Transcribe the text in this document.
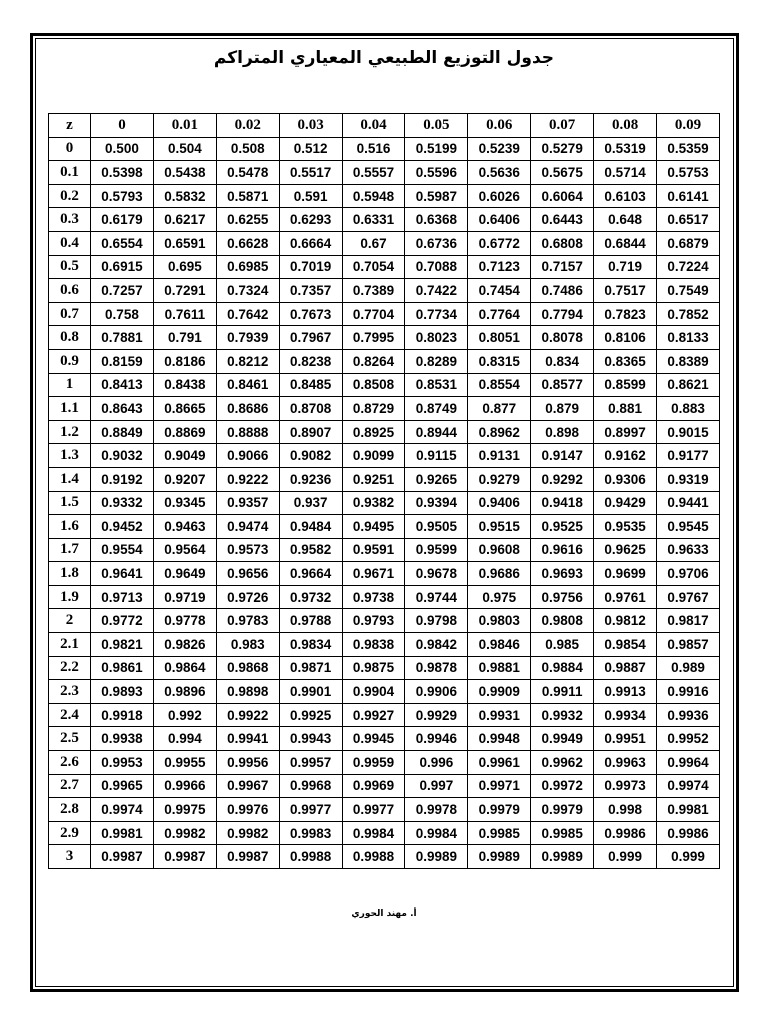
جدول التوزيع الطبيعي المعياري المتراكم
z	0	0.01	0.02	0.03	0.04	0.05	0.06	0.07	0.08	0.09
0	0.500	0.504	0.508	0.512	0.516	0.5199	0.5239	0.5279	0.5319	0.5359
0.1	0.5398	0.5438	0.5478	0.5517	0.5557	0.5596	0.5636	0.5675	0.5714	0.5753
0.2	0.5793	0.5832	0.5871	0.591	0.5948	0.5987	0.6026	0.6064	0.6103	0.6141
0.3	0.6179	0.6217	0.6255	0.6293	0.6331	0.6368	0.6406	0.6443	0.648	0.6517
0.4	0.6554	0.6591	0.6628	0.6664	0.67	0.6736	0.6772	0.6808	0.6844	0.6879
0.5	0.6915	0.695	0.6985	0.7019	0.7054	0.7088	0.7123	0.7157	0.719	0.7224
0.6	0.7257	0.7291	0.7324	0.7357	0.7389	0.7422	0.7454	0.7486	0.7517	0.7549
0.7	0.758	0.7611	0.7642	0.7673	0.7704	0.7734	0.7764	0.7794	0.7823	0.7852
0.8	0.7881	0.791	0.7939	0.7967	0.7995	0.8023	0.8051	0.8078	0.8106	0.8133
0.9	0.8159	0.8186	0.8212	0.8238	0.8264	0.8289	0.8315	0.834	0.8365	0.8389
1	0.8413	0.8438	0.8461	0.8485	0.8508	0.8531	0.8554	0.8577	0.8599	0.8621
1.1	0.8643	0.8665	0.8686	0.8708	0.8729	0.8749	0.877	0.879	0.881	0.883
1.2	0.8849	0.8869	0.8888	0.8907	0.8925	0.8944	0.8962	0.898	0.8997	0.9015
1.3	0.9032	0.9049	0.9066	0.9082	0.9099	0.9115	0.9131	0.9147	0.9162	0.9177
1.4	0.9192	0.9207	0.9222	0.9236	0.9251	0.9265	0.9279	0.9292	0.9306	0.9319
1.5	0.9332	0.9345	0.9357	0.937	0.9382	0.9394	0.9406	0.9418	0.9429	0.9441
1.6	0.9452	0.9463	0.9474	0.9484	0.9495	0.9505	0.9515	0.9525	0.9535	0.9545
1.7	0.9554	0.9564	0.9573	0.9582	0.9591	0.9599	0.9608	0.9616	0.9625	0.9633
1.8	0.9641	0.9649	0.9656	0.9664	0.9671	0.9678	0.9686	0.9693	0.9699	0.9706
1.9	0.9713	0.9719	0.9726	0.9732	0.9738	0.9744	0.975	0.9756	0.9761	0.9767
2	0.9772	0.9778	0.9783	0.9788	0.9793	0.9798	0.9803	0.9808	0.9812	0.9817
2.1	0.9821	0.9826	0.983	0.9834	0.9838	0.9842	0.9846	0.985	0.9854	0.9857
2.2	0.9861	0.9864	0.9868	0.9871	0.9875	0.9878	0.9881	0.9884	0.9887	0.989
2.3	0.9893	0.9896	0.9898	0.9901	0.9904	0.9906	0.9909	0.9911	0.9913	0.9916
2.4	0.9918	0.992	0.9922	0.9925	0.9927	0.9929	0.9931	0.9932	0.9934	0.9936
2.5	0.9938	0.994	0.9941	0.9943	0.9945	0.9946	0.9948	0.9949	0.9951	0.9952
2.6	0.9953	0.9955	0.9956	0.9957	0.9959	0.996	0.9961	0.9962	0.9963	0.9964
2.7	0.9965	0.9966	0.9967	0.9968	0.9969	0.997	0.9971	0.9972	0.9973	0.9974
2.8	0.9974	0.9975	0.9976	0.9977	0.9977	0.9978	0.9979	0.9979	0.998	0.9981
2.9	0.9981	0.9982	0.9982	0.9983	0.9984	0.9984	0.9985	0.9985	0.9986	0.9986
3	0.9987	0.9987	0.9987	0.9988	0.9988	0.9989	0.9989	0.9989	0.999	0.999
أ. مهند الحوري
